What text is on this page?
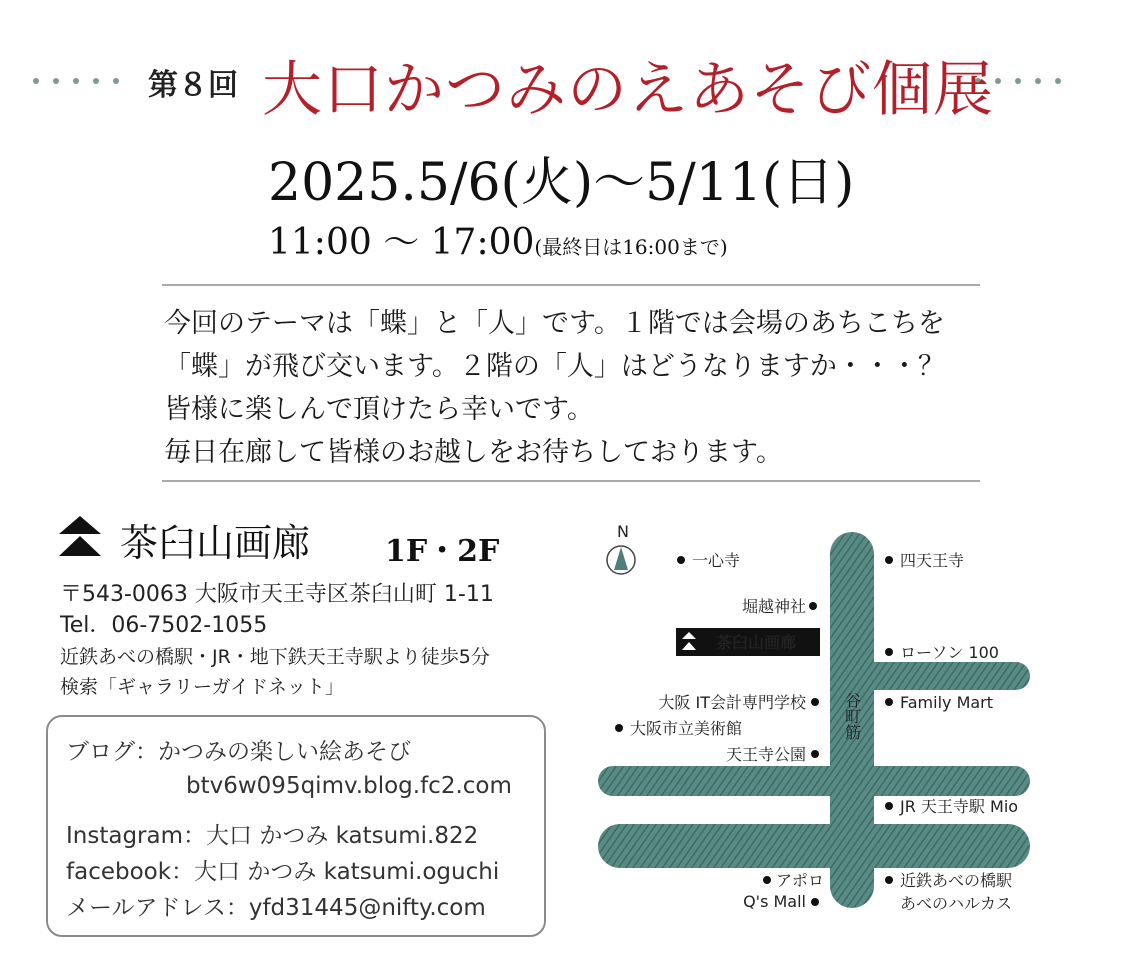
第８回 大口かつみのえあそび個展
2025.5/6(火)～5/11(日)
11:00 ～ 17:00(最終日は16:00まで)
今回のテーマは「蝶」と「人」です。１階では会場のあちこちを
「蝶」が飛び交います。２階の「人」はどうなりますか・・・？
皆様に楽しんで頂けたら幸いです。
毎日在廊して皆様のお越しをお待ちしております。
茶臼山画廊 1F・2F
〒543-0063 大阪市天王寺区茶臼山町 1-11
Tel．06-7502-1055
近鉄あべの橋駅・JR・地下鉄天王寺駅より徒歩5分
検索「ギャラリーガイドネット」
ブログ：かつみの楽しい絵あそび
btv6w095qimv.blog.fc2.com
Instagram：大口 かつみ katsumi.822
facebook：大口 かつみ katsumi.oguchi
メールアドレス：yfd31445@nifty.com
N
谷町筋
茶臼山画廊
一心寺	四天王寺
堀越神社
ローソン 100
大阪 IT会計専門学校	Family Mart
大阪市立美術館
天王寺公園
JR 天王寺駅 Mio
アポロ
Q's Mall
近鉄あべの橋駅
あべのハルカス
